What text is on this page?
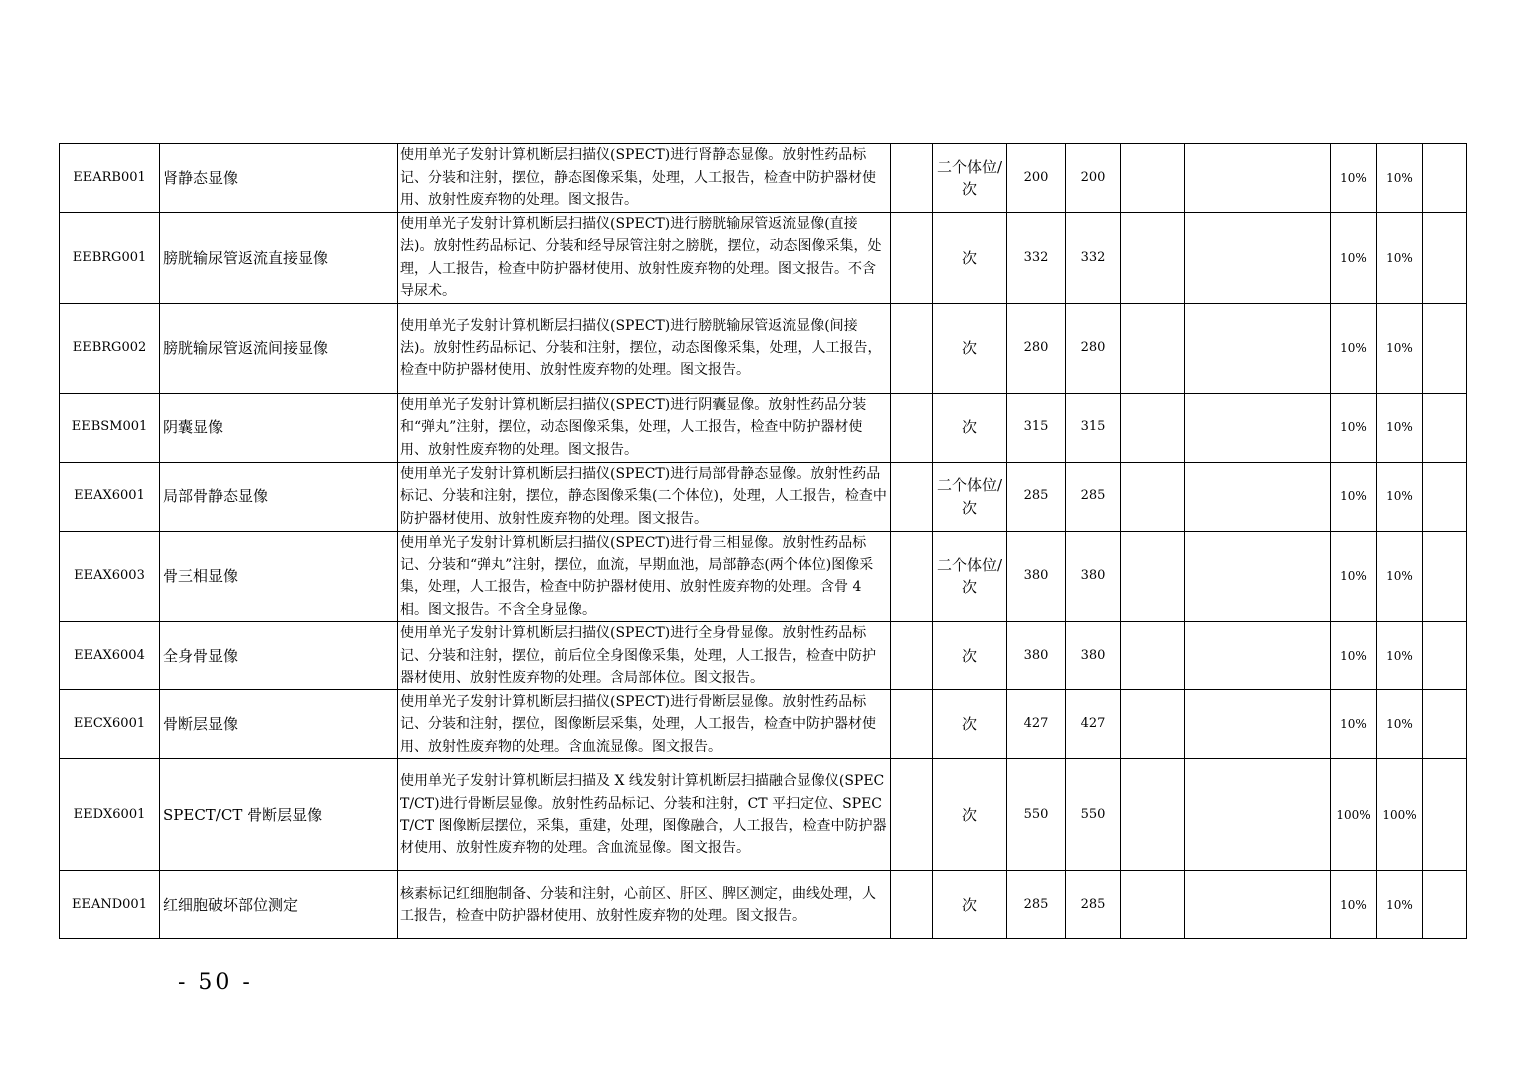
EEARB001	肾静态显像	使用单光子发射计算机断层扫描仪(SPECT)进行肾静态显像。放射性药品标记、分装和注射，摆位，静态图像采集，处理，人工报告，检查中防护器材使用、放射性废弃物的处理。图文报告。		二个体位/次	200	200			10%	10%	
EEBRG001	膀胱输尿管返流直接显像	使用单光子发射计算机断层扫描仪(SPECT)进行膀胱输尿管返流显像(直接法)。放射性药品标记、分装和经导尿管注射之膀胱，摆位，动态图像采集，处理，人工报告，检查中防护器材使用、放射性废弃物的处理。图文报告。不含导尿术。		次	332	332			10%	10%	
EEBRG002	膀胱输尿管返流间接显像	使用单光子发射计算机断层扫描仪(SPECT)进行膀胱输尿管返流显像(间接法)。放射性药品标记、分装和注射，摆位，动态图像采集，处理，人工报告，检查中防护器材使用、放射性废弃物的处理。图文报告。		次	280	280			10%	10%	
EEBSM001	阴囊显像	使用单光子发射计算机断层扫描仪(SPECT)进行阴囊显像。放射性药品分装和“弹丸”注射，摆位，动态图像采集，处理，人工报告，检查中防护器材使用、放射性废弃物的处理。图文报告。		次	315	315			10%	10%	
EEAX6001	局部骨静态显像	使用单光子发射计算机断层扫描仪(SPECT)进行局部骨静态显像。放射性药品标记、分装和注射，摆位，静态图像采集(二个体位)，处理，人工报告，检查中防护器材使用、放射性废弃物的处理。图文报告。		二个体位/次	285	285			10%	10%	
EEAX6003	骨三相显像	使用单光子发射计算机断层扫描仪(SPECT)进行骨三相显像。放射性药品标记、分装和“弹丸”注射，摆位，血流，早期血池，局部静态(两个体位)图像采集，处理，人工报告，检查中防护器材使用、放射性废弃物的处理。含骨 4 相。图文报告。不含全身显像。		二个体位/次	380	380			10%	10%	
EEAX6004	全身骨显像	使用单光子发射计算机断层扫描仪(SPECT)进行全身骨显像。放射性药品标记、分装和注射，摆位，前后位全身图像采集，处理，人工报告，检查中防护器材使用、放射性废弃物的处理。含局部体位。图文报告。		次	380	380			10%	10%	
EECX6001	骨断层显像	使用单光子发射计算机断层扫描仪(SPECT)进行骨断层显像。放射性药品标记、分装和注射，摆位，图像断层采集，处理，人工报告，检查中防护器材使用、放射性废弃物的处理。含血流显像。图文报告。		次	427	427			10%	10%	
EEDX6001	SPECT/CT 骨断层显像	使用单光子发射计算机断层扫描及 X 线发射计算机断层扫描融合显像仪(SPECT/CT)进行骨断层显像。放射性药品标记、分装和注射，CT 平扫定位、SPECT/CT 图像断层摆位，采集，重建，处理，图像融合，人工报告，检查中防护器材使用、放射性废弃物的处理。含血流显像。图文报告。		次	550	550			100%	100%	
EEAND001	红细胞破坏部位测定	核素标记红细胞制备、分装和注射，心前区、肝区、脾区测定，曲线处理，人工报告，检查中防护器材使用、放射性废弃物的处理。图文报告。		次	285	285			10%	10%	
- 50 -
